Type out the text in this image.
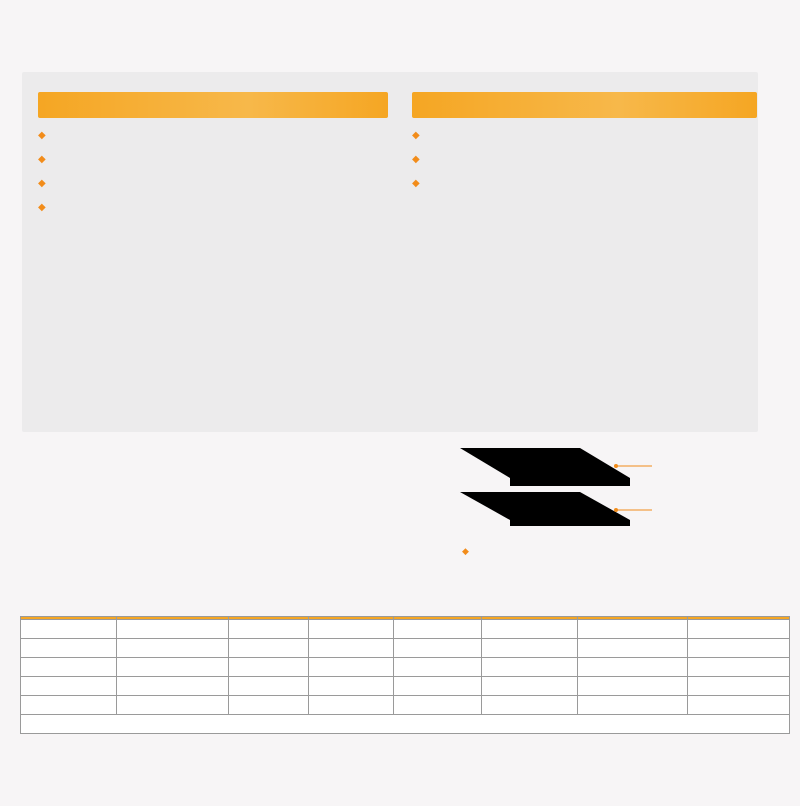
◆
◆
◆
◆
◆
◆
◆
◆
